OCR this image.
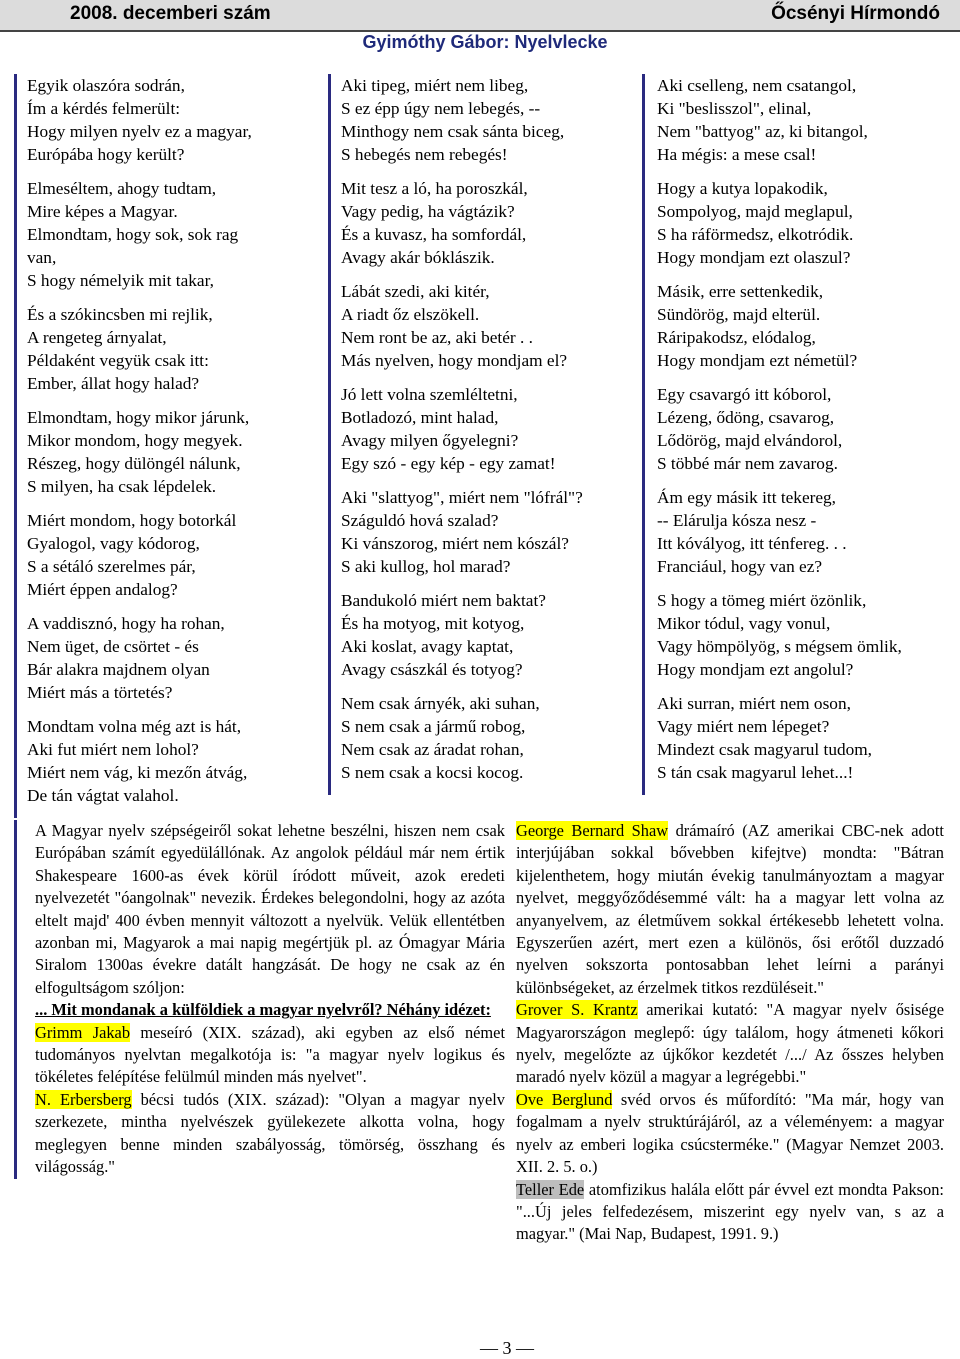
2008. decemberi szám	Őcsényi Hírmondó
Gyimóthy Gábor: Nyelvlecke
Egyik olaszóra sodrán,
Ím a kérdés felmerült:
Hogy milyen nyelv ez a magyar,
Európába hogy került?
Elmeséltem, ahogy tudtam,
Mire képes a Magyar.
Elmondtam, hogy sok, sok rag
van,
S hogy némelyik mit takar,
És a szókincsben mi rejlik,
A rengeteg árnyalat,
Példaként vegyük csak itt:
Ember, állat hogy halad?
Elmondtam, hogy mikor járunk,
Mikor mondom, hogy megyek.
Részeg, hogy dülöngél nálunk,
S milyen, ha csak lépdelek.
Miért mondom, hogy botorkál
Gyalogol, vagy kódorog,
S a sétáló szerelmes pár,
Miért éppen andalog?
A vaddisznó, hogy ha rohan,
Nem üget, de csörtet - és
Bár alakra majdnem olyan
Miért más a törtetés?
Mondtam volna még azt is hát,
Aki fut miért nem lohol?
Miért nem vág, ki mezőn átvág,
De tán vágtat valahol.
Aki tipeg, miért nem libeg,
S ez épp úgy nem lebegés, --
Minthogy nem csak sánta biceg,
S hebegés nem rebegés!
Mit tesz a ló, ha poroszkál,
Vagy pedig, ha vágtázik?
És a kuvasz, ha somfordál,
Avagy akár bóklászik.
Lábát szedi, aki kitér,
A riadt őz elszökell.
Nem ront be az, aki betér . .
Más nyelven, hogy mondjam el?
Jó lett volna szemléltetni,
Botladozó, mint halad,
Avagy milyen őgyelegni?
Egy szó - egy kép - egy zamat!
Aki "slattyog", miért nem "lófrál"?
Száguldó hová szalad?
Ki vánszorog, miért nem kószál?
S aki kullog, hol marad?
Bandukoló miért nem baktat?
És ha motyog, mit kotyog,
Aki koslat, avagy kaptat,
Avagy császkál és totyog?
Nem csak árnyék, aki suhan,
S nem csak a jármű robog,
Nem csak az áradat rohan,
S nem csak a kocsi kocog.
Aki cselleng, nem csatangol,
Ki "beslisszol", elinal,
Nem "battyog" az, ki bitangol,
Ha mégis: a mese csal!
Hogy a kutya lopakodik,
Sompolyog, majd meglapul,
S ha ráförmedsz, elkotródik.
Hogy mondjam ezt olaszul?
Másik, erre settenkedik,
Sündörög, majd elterül.
Ráripakodsz, elódalog,
Hogy mondjam ezt németül?
Egy csavargó itt kóborol,
Lézeng, ődöng, csavarog,
Lődörög, majd elvándorol,
S többé már nem zavarog.
Ám egy másik itt tekereg,
-- Elárulja kósza nesz -
Itt kóvályog, itt ténfereg. . .
Franciául, hogy van ez?
S hogy a tömeg miért özönlik,
Mikor tódul, vagy vonul,
Vagy hömpölyög, s mégsem ömlik,
Hogy mondjam ezt angolul?
Aki surran, miért nem oson,
Vagy miért nem lépeget?
Mindezt csak magyarul tudom,
S tán csak magyarul lehet...!
A Magyar nyelv szépségeiről sokat lehetne beszélni, hiszen nem csak Európában számít egyedülállónak. Az angolok például már nem értik Shakespeare 1600-as évek körül íródott műveit, azok eredeti nyelvezetét "óangolnak" nevezik. Érdekes belegondolni, hogy az azóta eltelt majd' 400 évben mennyit változott a nyelvük. Velük ellentétben azonban mi, Magyarok a mai napig megértjük pl. az Ómagyar Mária Siralom 1300as évekre datált hangzását. De hogy ne csak az én elfogultságom szóljon:
... Mit mondanak a külföldiek a magyar nyelvről? Néhány idézet:
Grimm Jakab meseíró (XIX. század), aki egyben az első német tudományos nyelvtan megalkotója is: "a magyar nyelv logikus és tökéletes felépítése felülmúl minden más nyelvet".
N. Erbersberg bécsi tudós (XIX. század): "Olyan a magyar nyelv szerkezete, mintha nyelvészek gyülekezete alkotta volna, hogy meglegyen benne minden szabályosság, tömörség, összhang és világosság."
George Bernard Shaw drámaíró (AZ amerikai CBC-nek adott interjújában sokkal bővebben kifejtve) mondta: "Bátran kijelenthetem, hogy miután évekig tanulmányoztam a magyar nyelvet, meggyőződésemmé vált: ha a magyar lett volna az anyanyelvem, az életművem sokkal értékesebb lehetett volna. Egyszerűen azért, mert ezen a különös, ősi erőtől duzzadó nyelven sokszorta pontosabban lehet leírni a parányi különbségeket, az érzelmek titkos rezdüléseit."
Grover S. Krantz amerikai kutató: "A magyar nyelv ősisége Magyarországon meglepő: úgy találom, hogy átmeneti kőkori nyelv, megelőzte az újkőkor kezdetét /.../ Az ősszes helyben maradó nyelv közül a magyar a legrégebbi."
Ove Berglund svéd orvos és műfordító: "Ma már, hogy van fogalmam a nyelv struktúrájáról, az a véleményem: a magyar nyelv az emberi logika csúcsterméke." (Magyar Nemzet 2003. XII. 2. 5. o.)
Teller Ede atomfizikus halála előtt pár évvel ezt mondta Pakson: "...Új jeles felfedezésem, miszerint egy nyelv van, s az a magyar." (Mai Nap, Budapest, 1991. 9.)
— 3 —
